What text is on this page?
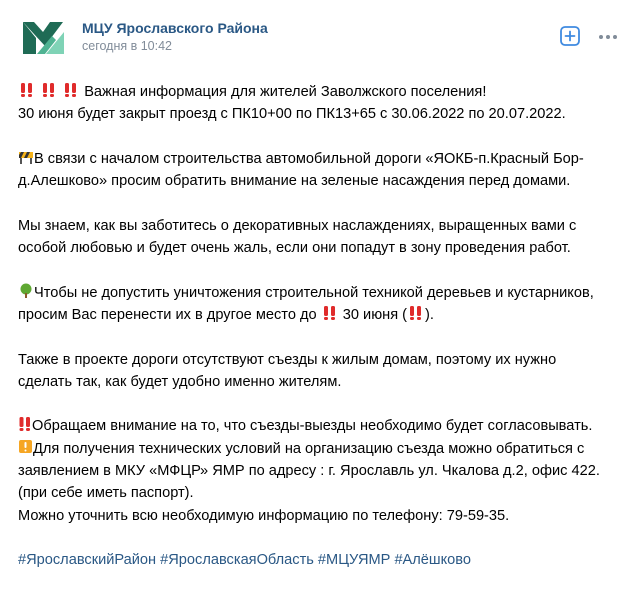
МЦУ Ярославского Района
сегодня в 10:42
Важная информация для жителей Заволжского поселения!
30 июня будет закрыт проезд с ПК10+00 по ПК13+65 с 30.06.2022 по 20.07.2022.
В связи с началом строительства автомобильной дороги «ЯОКБ-п.Красный Бор-
д.Алешково» просим обратить внимание на зеленые насаждения перед домами.
Мы знаем, как вы заботитесь о декоративных наслаждениях, выращенных вами с
особой любовью и будет очень жаль, если они попадут в зону проведения работ.
Чтобы не допустить уничтожения строительной техникой деревьев и кустарников,
просим Вас перенести их в другое место до 30 июня ( ).
Также в проекте дороги отсутствуют съезды к жилым домам, поэтому их нужно
сделать так, как будет удобно именно жителям.
Обращаем внимание на то, что съезды-выезды необходимо будет согласовывать.
Для получения технических условий на организацию съезда можно обратиться с
заявлением в МКУ «МФЦР» ЯМР по адресу : г. Ярославль ул. Чкалова д.2, офис 422.
(при себе иметь паспорт).
Можно уточнить всю необходимую информацию по телефону: 79-59-35.
#ЯрославскийРайон #ЯрославскаяОбласть #МЦУЯМР #Алёшково
